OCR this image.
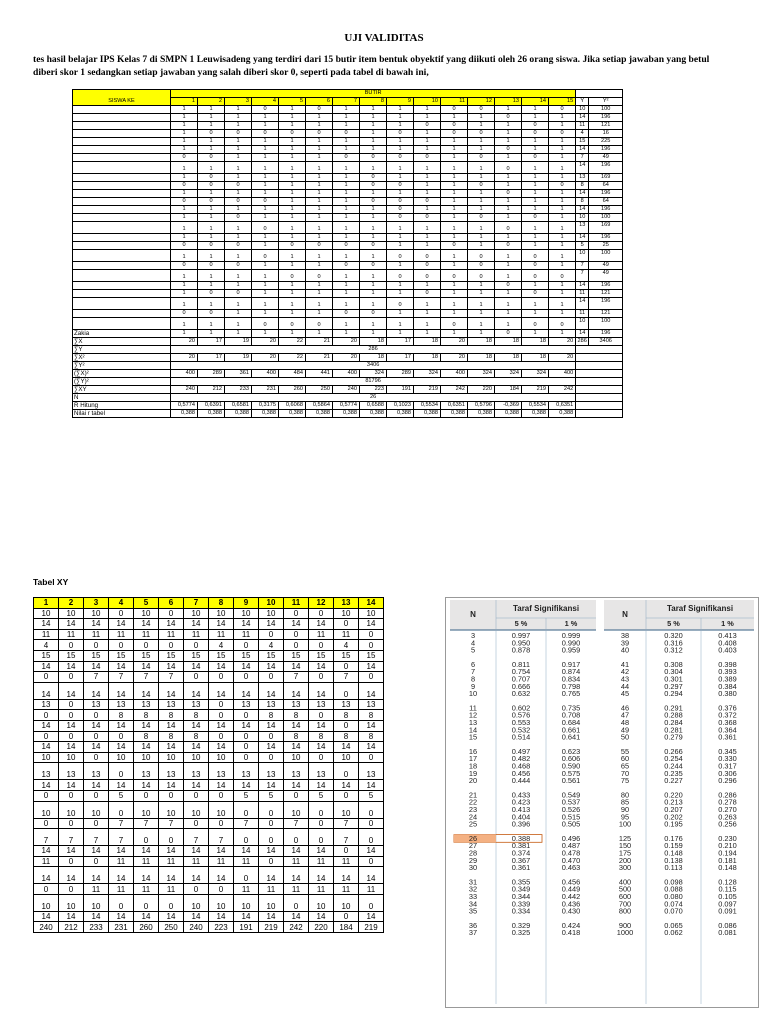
UJI VALIDITAS
tes hasil belajar IPS Kelas 7 di SMPN 1 Leuwisadeng yang terdiri dari 15 butir item bentuk obyektif yang diikuti oleh 26 orang siswa. Jika setiap jawaban yang betul diberi skor 1 sedangkan setiap jawaban yang salah diberi skor 0, seperti pada tabel di bawah ini,
SISWA KE	BUTIR																
	1	2	3	4	5	6	7	8	9	10	11	12	13	14	15	Y	Y²
	1	1	1	0	1	0	1	1	1	1	0	0	1	1	0	10	100
	1	1	1	1	1	1	1	1	1	1	1	1	0	1	1	14	196
	1	1	1	1	1	1	1	1	1	0	0	1	1	0	1	11	121
	1	0	0	0	0	0	0	1	0	1	0	0	1	0	0	4	16
	1	1	1	1	1	1	1	1	1	1	1	1	1	1	1	15	225
	1	1	1	1	1	1	1	1	1	1	1	1	0	1	1	14	196
	0	0	1	1	1	1	0	0	0	0	1	0	1	0	1	7	49
	1	1	1	1	1	1	1	1	1	1	1	1	0	1	1	14	196
	1	0	1	1	1	1	1	0	1	1	1	1	1	1	1	13	169
	0	0	0	1	1	1	1	0	0	1	1	0	1	1	0	8	64
	1	1	1	1	1	1	1	1	1	1	1	1	0	1	1	14	196
	0	0	0	0	1	1	1	0	0	0	1	1	1	1	1	8	64
	1	1	1	1	1	1	1	1	0	1	1	1	1	1	1	14	196
	1	1	0	1	1	1	1	1	0	0	1	0	1	0	1	10	100
	1	1	1	0	1	1	1	1	1	1	1	1	0	1	1	13	169
	1	1	1	1	1	1	1	1	1	1	1	1	1	1	1	14	196
	0	0	0	1	0	0	0	0	1	1	0	1	0	1	1	5	25
	1	1	1	0	1	1	1	1	0	0	1	0	1	0	1	10	100
	0	0	0	1	1	1	0	0	1	0	1	0	1	0	1	7	49
	1	1	1	1	0	0	1	1	0	0	0	0	1	0	0	7	49
	1	1	1	1	1	1	1	1	1	1	1	1	0	1	1	14	196
	1	0	0	1	1	1	1	1	1	0	1	1	1	0	1	11	121
	1	1	1	1	1	1	1	1	0	1	1	1	1	1	1	14	196
	0	0	1	1	1	1	0	0	1	1	1	1	1	1	1	11	121
	1	1	1	0	0	0	1	1	1	1	0	1	1	0	0	10	100
Zakia	1	1	1	1	1	1	1	1	1	1	1	1	0	1	1	14	196
∑X	20	17	19	20	22	21	20	18	17	18	20	18	18	18	20	286	3406
∑Y	286																
∑X²	20	17	19	20	22	21	20	18	17	18	20	18	18	18	20		
∑Y²	3406																
(∑X)²	400	289	361	400	484	441	400	324	289	324	400	324	324	324	400		
(∑Y)²	81796																
∑XY	240	212	233	231	260	250	240	223	191	219	242	220	184	219	242		
N	26																
R Hitung	0,5774	0,6391	0,6581	0,3175	0,6068	0,5864	0,5774	0,6588	0,1023	0,5534	0,6351	0,5796	-0,369	0,5534	0,6351		
Nilai r tabel	0,388	0,388	0,388	0,388	0,388	0,388	0,388	0,388	0,388	0,388	0,388	0,388	0,388	0,388	0,388		
Tabel XY
1	2	3	4	5	6	7	8	9	10	11	12	13	14
10	10	10	0	10	0	10	10	10	10	0	0	10	10
14	14	14	14	14	14	14	14	14	14	14	14	0	14
11	11	11	11	11	11	11	11	11	0	0	11	11	0
4	0	0	0	0	0	0	4	0	4	0	0	4	0
15	15	15	15	15	15	15	15	15	15	15	15	15	15
14	14	14	14	14	14	14	14	14	14	14	14	0	14
0	0	7	7	7	7	0	0	0	0	7	0	7	0
14	14	14	14	14	14	14	14	14	14	14	14	0	14
13	0	13	13	13	13	13	0	13	13	13	13	13	13
0	0	0	8	8	8	8	0	0	8	8	0	8	8
14	14	14	14	14	14	14	14	14	14	14	14	0	14
0	0	0	0	8	8	8	0	0	0	8	8	8	8
14	14	14	14	14	14	14	14	0	14	14	14	14	14
10	10	0	10	10	10	10	10	0	0	10	0	10	0
13	13	13	0	13	13	13	13	13	13	13	13	0	13
14	14	14	14	14	14	14	14	14	14	14	14	14	14
0	0	0	5	0	0	0	0	5	5	0	5	0	5
10	10	10	0	10	10	10	10	0	0	10	0	10	0
0	0	0	7	7	7	0	0	7	0	7	0	7	0
7	7	7	7	0	0	7	7	0	0	0	0	7	0
14	14	14	14	14	14	14	14	14	14	14	14	0	14
11	0	0	11	11	11	11	11	11	0	11	11	11	0
14	14	14	14	14	14	14	14	0	14	14	14	14	14
0	0	11	11	11	11	0	0	11	11	11	11	11	11
10	10	10	0	0	0	10	10	10	10	0	10	10	0
14	14	14	14	14	14	14	14	14	14	14	14	0	14
240	212	233	231	260	250	240	223	191	219	242	220	184	219
N
Taraf Signifikansi
5 %	1 %
3	0.997	0.999
4	0.950	0.990
5	0.878	0.959
6	0.811	0.917
7	0.754	0.874
8	0.707	0.834
9	0.666	0.798
10	0.632	0.765
11	0.602	0.735
12	0.576	0.708
13	0.553	0.684
14	0.532	0.661
15	0.514	0.641
16	0.497	0.623
17	0.482	0.606
18	0.468	0.590
19	0.456	0.575
20	0.444	0.561
21	0.433	0.549
22	0.423	0.537
23	0.413	0.526
24	0.404	0.515
25	0.396	0.505
26	0.388	0.496
27	0.381	0.487
28	0.374	0.478
29	0.367	0.470
30	0.361	0.463
31	0.355	0.456
32	0.349	0.449
33	0.344	0.442
34	0.339	0.436
35	0.334	0.430
36	0.329	0.424
37	0.325	0.418
N
Taraf Signifikansi
5 %	1 %
38	0.320	0.413
39	0.316	0.408
40	0.312	0.403
41	0.308	0.398
42	0.304	0.393
43	0.301	0.389
44	0.297	0.384
45	0.294	0.380
46	0.291	0.376
47	0.288	0.372
48	0.284	0.368
49	0.281	0.364
50	0.279	0.361
55	0.266	0.345
60	0.254	0.330
65	0.244	0.317
70	0.235	0.306
75	0.227	0.296
80	0.220	0.286
85	0.213	0.278
90	0.207	0.270
95	0.202	0.263
100	0.195	0.256
125	0.176	0.230
150	0.159	0.210
175	0.148	0.194
200	0.138	0.181
300	0.113	0.148
400	0.098	0.128
500	0.088	0.115
600	0.080	0.105
700	0.074	0.097
800	0.070	0.091
900	0.065	0.086
1000	0.062	0.081
